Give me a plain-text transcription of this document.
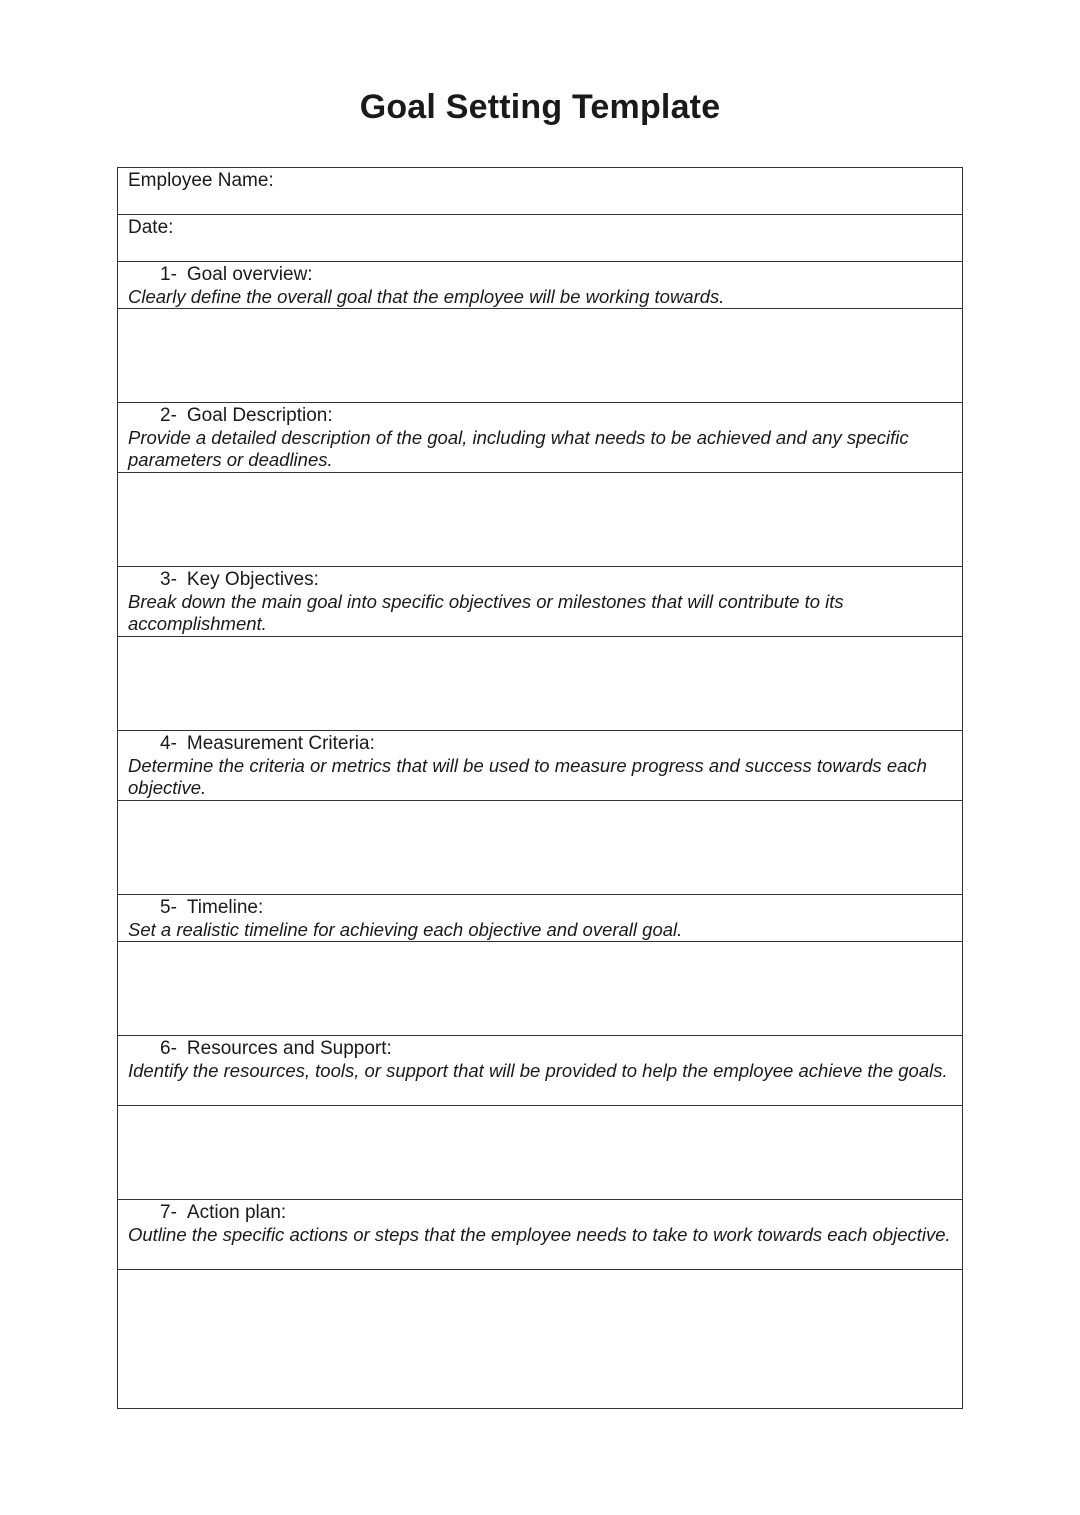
Goal Setting Template
Employee Name:
Date:
1- Goal overview:
Clearly define the overall goal that the employee will be working towards.
2- Goal Description:
Provide a detailed description of the goal, including what needs to be achieved and any specific parameters or deadlines.
3- Key Objectives:
Break down the main goal into specific objectives or milestones that will contribute to its accomplishment.
4- Measurement Criteria:
Determine the criteria or metrics that will be used to measure progress and success towards each objective.
5- Timeline:
Set a realistic timeline for achieving each objective and overall goal.
6- Resources and Support:
Identify the resources, tools, or support that will be provided to help the employee achieve the goals.
7- Action plan:
Outline the specific actions or steps that the employee needs to take to work towards each objective.
